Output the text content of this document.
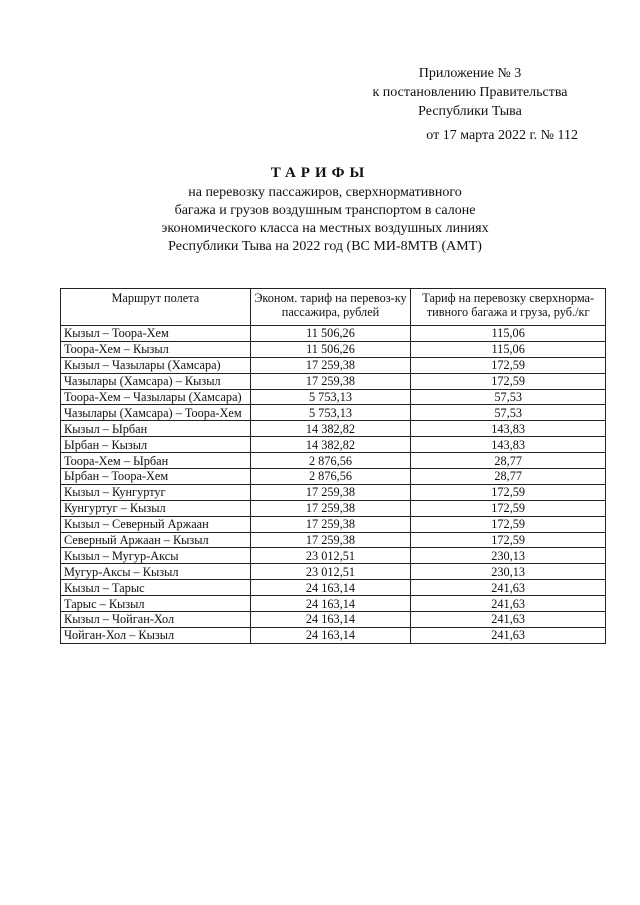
Приложение № 3
к постановлению Правительства
Республики Тыва
от 17 марта 2022 г. № 112
ТАРИФЫ
на перевозку пассажиров, сверхнормативного
багажа и грузов воздушным транспортом в салоне
экономического класса на местных воздушных линиях
Республики Тыва на 2022 год (ВС МИ-8МТВ (АМТ)
Маршрут полета	Эконом. тариф на перевоз-ку пассажира, рублей	Тариф на перевозку сверхнорма-тивного багажа и груза, руб./кг
Кызыл – Тоора-Хем	11 506,26	115,06
Тоора-Хем – Кызыл	11 506,26	115,06
Кызыл – Чазылары (Хамсара)	17 259,38	172,59
Чазылары (Хамсара) – Кызыл	17 259,38	172,59
Тоора-Хем – Чазылары (Хамсара)	5 753,13	57,53
Чазылары (Хамсара) – Тоора-Хем	5 753,13	57,53
Кызыл – Ырбан	14 382,82	143,83
Ырбан – Кызыл	14 382,82	143,83
Тоора-Хем – Ырбан	2 876,56	28,77
Ырбан – Тоора-Хем	2 876,56	28,77
Кызыл – Кунгуртуг	17 259,38	172,59
Кунгуртуг – Кызыл	17 259,38	172,59
Кызыл – Северный Аржаан	17 259,38	172,59
Северный Аржаан – Кызыл	17 259,38	172,59
Кызыл – Мугур-Аксы	23 012,51	230,13
Мугур-Аксы – Кызыл	23 012,51	230,13
Кызыл – Тарыс	24 163,14	241,63
Тарыс – Кызыл	24 163,14	241,63
Кызыл – Чойган-Хол	24 163,14	241,63
Чойган-Хол – Кызыл	24 163,14	241,63
